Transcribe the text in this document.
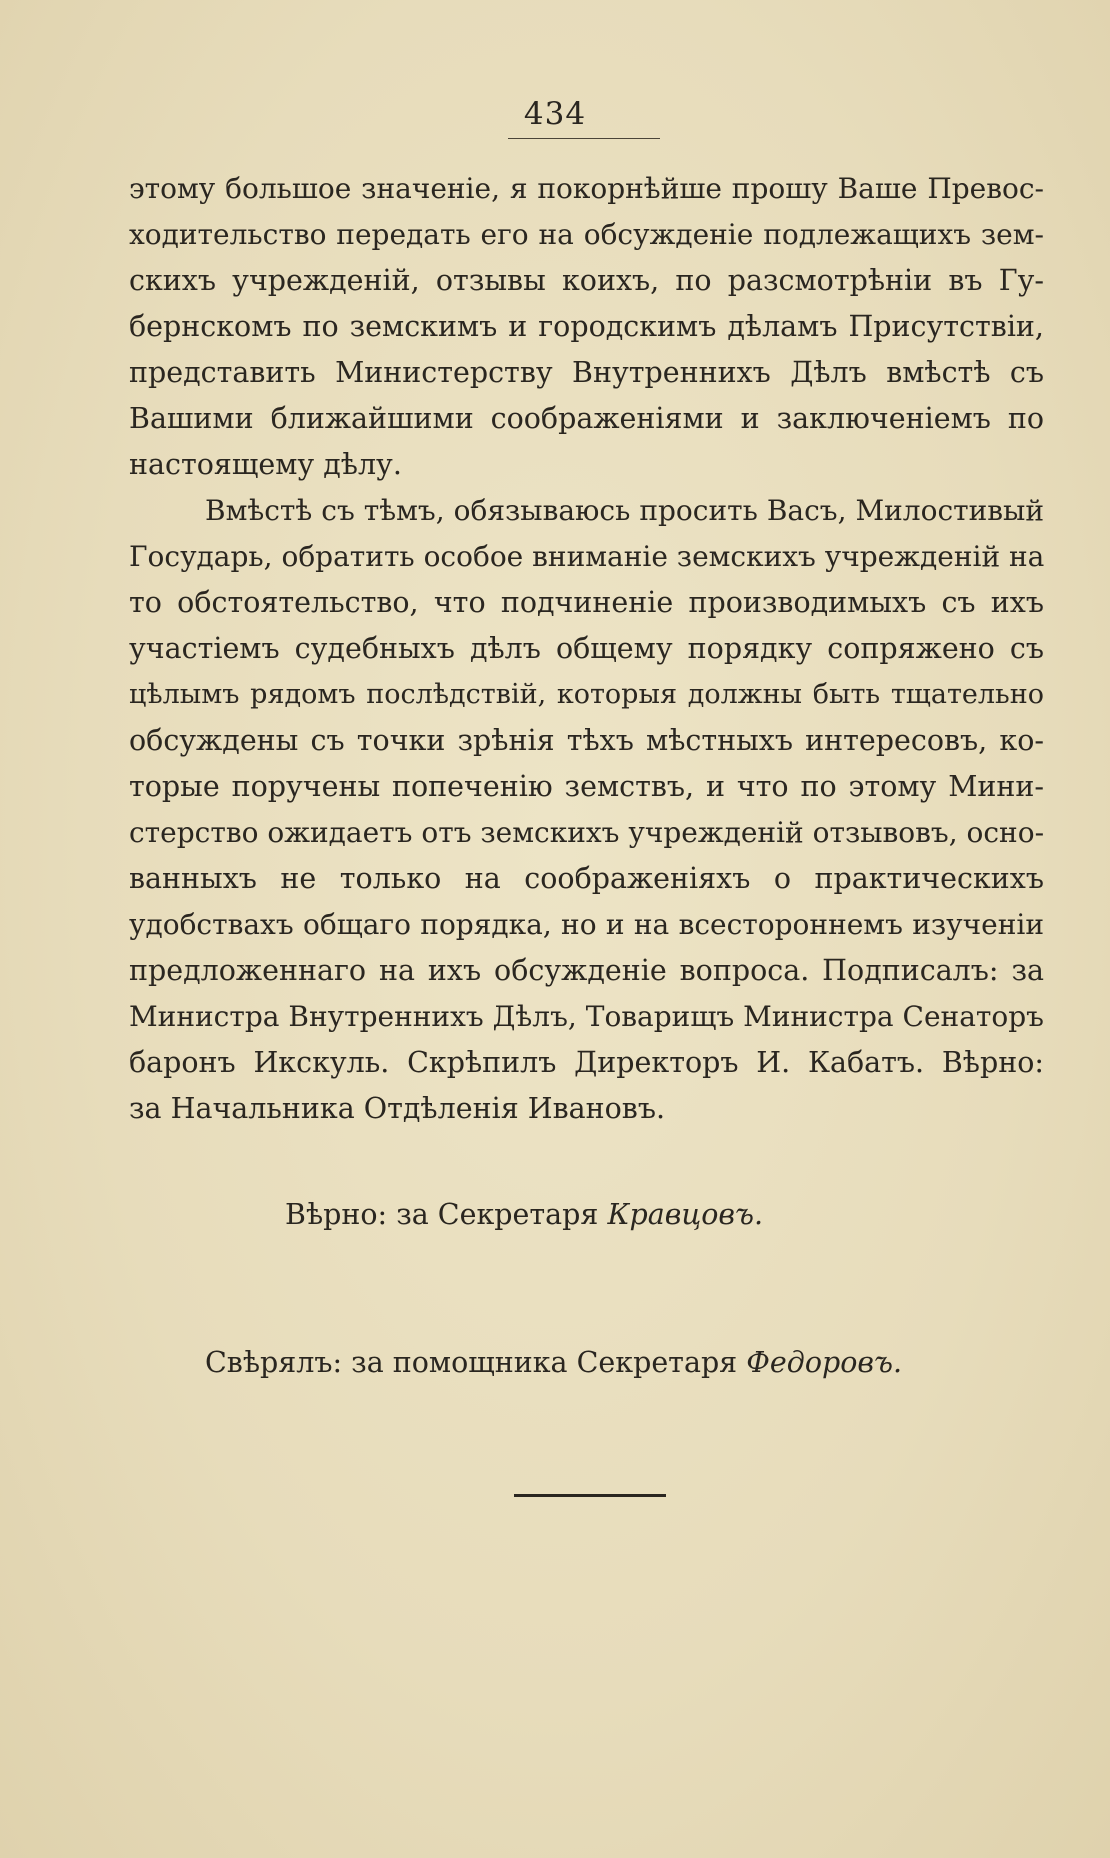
434
этому большое значеніе, я покорнѣйше прошу Ваше Превос-
ходительство передать его на обсужденіе подлежащихъ зем-
скихъ учрежденій, отзывы коихъ, по разсмотрѣніи въ Гу-
бернскомъ по земскимъ и городскимъ дѣламъ Присутствіи,
представить Министерству Внутреннихъ Дѣлъ вмѣстѣ съ
Вашими ближайшими соображеніями и заключеніемъ по
настоящему дѣлу.
Вмѣстѣ съ тѣмъ, обязываюсь просить Васъ, Милостивый
Государь, обратить особое вниманіе земскихъ учрежденій на
то обстоятельство, что подчиненіе производимыхъ съ ихъ
участіемъ судебныхъ дѣлъ общему порядку сопряжено съ
цѣлымъ рядомъ послѣдствій, которыя должны быть тщательно
обсуждены съ точки зрѣнія тѣхъ мѣстныхъ интересовъ, ко-
торые поручены попеченію земствъ, и что по этому Мини-
стерство ожидаетъ отъ земскихъ учрежденій отзывовъ, осно-
ванныхъ не только на соображеніяхъ о практическихъ
удобствахъ общаго порядка, но и на всестороннемъ изученіи
предложеннаго на ихъ обсужденіе вопроса. Подписалъ: за
Министра Внутреннихъ Дѣлъ, Товарищъ Министра Сенаторъ
баронъ Икскуль. Скрѣпилъ Директоръ И. Кабатъ. Вѣрно:
за Начальника Отдѣленія Ивановъ.
Вѣрно: за Секретаря Кравцовъ.
Свѣрялъ: за помощника Секретаря Федоровъ.
